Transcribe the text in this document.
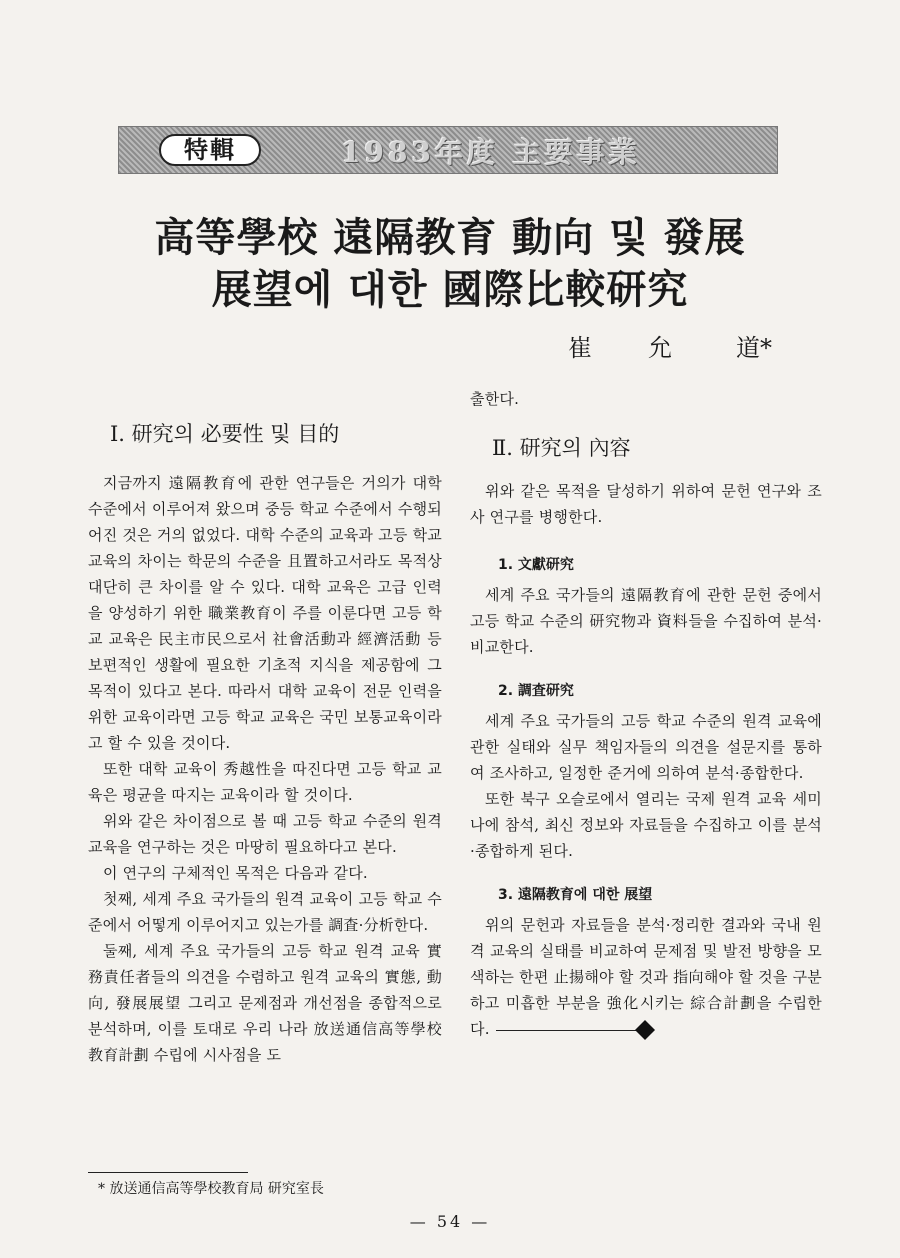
特輯	1983年度 主要事業
高等學校 遠隔教育 動向 및 發展
展望에 대한 國際比較研究
崔 允	道*
Ⅰ. 研究의 必要性 및 目的

지금까지 遠隔教育에 관한 연구들은 거의가 대학 수준에서 이루어져 왔으며 중등 학교 수준에서 수행되어진 것은 거의 없었다. 대학 수준의 교육과 고등 학교 교육의 차이는 학문의 수준을 且置하고서라도 목적상 대단히 큰 차이를 알 수 있다. 대학 교육은 고급 인력을 양성하기 위한 職業教育이 주를 이룬다면 고등 학교 교육은 民主市民으로서 社會活動과 經濟活動 등 보편적인 생활에 필요한 기초적 지식을 제공함에 그 목적이 있다고 본다. 따라서 대학 교육이 전문 인력을 위한 교육이라면 고등 학교 교육은 국민 보통교육이라고 할 수 있을 것이다.

또한 대학 교육이 秀越性을 따진다면 고등 학교 교육은 평균을 따지는 교육이라 할 것이다.

위와 같은 차이점으로 볼 때 고등 학교 수준의 원격 교육을 연구하는 것은 마땅히 필요하다고 본다.

이 연구의 구체적인 목적은 다음과 같다.

첫째, 세계 주요 국가들의 원격 교육이 고등 학교 수준에서 어떻게 이루어지고 있는가를 調査·分析한다.

둘째, 세계 주요 국가들의 고등 학교 원격 교육 實務責任者들의 의견을 수렴하고 원격 교육의 實態, 動向, 發展展望 그리고 문제점과 개선점을 종합적으로 분석하며, 이를 토대로 우리 나라 放送通信高等學校 教育計劃 수립에 시사점을 도

출한다.

Ⅱ. 研究의 內容

위와 같은 목적을 달성하기 위하여 문헌 연구와 조사 연구를 병행한다.

1. 文獻研究

세계 주요 국가들의 遠隔教育에 관한 문헌 중에서 고등 학교 수준의 研究物과 資料들을 수집하여 분석·비교한다.

2. 調査研究

세계 주요 국가들의 고등 학교 수준의 원격 교육에 관한 실태와 실무 책임자들의 의견을 설문지를 통하여 조사하고, 일정한 준거에 의하여 분석·종합한다.

또한 북구 오슬로에서 열리는 국제 원격 교육 세미나에 참석, 최신 정보와 자료들을 수집하고 이를 분석·종합하게 된다.

3. 遠隔教育에 대한 展望

위의 문헌과 자료들을 분석·정리한 결과와 국내 원격 교육의 실태를 비교하여 문제점 및 발전 방향을 모색하는 한편 止揚해야 할 것과 指向해야 할 것을 구분하고 미흡한 부분을 強化시키는 綜合計劃을 수립한다.

* 放送通信高等學校教育局 研究室長
— 54 —
